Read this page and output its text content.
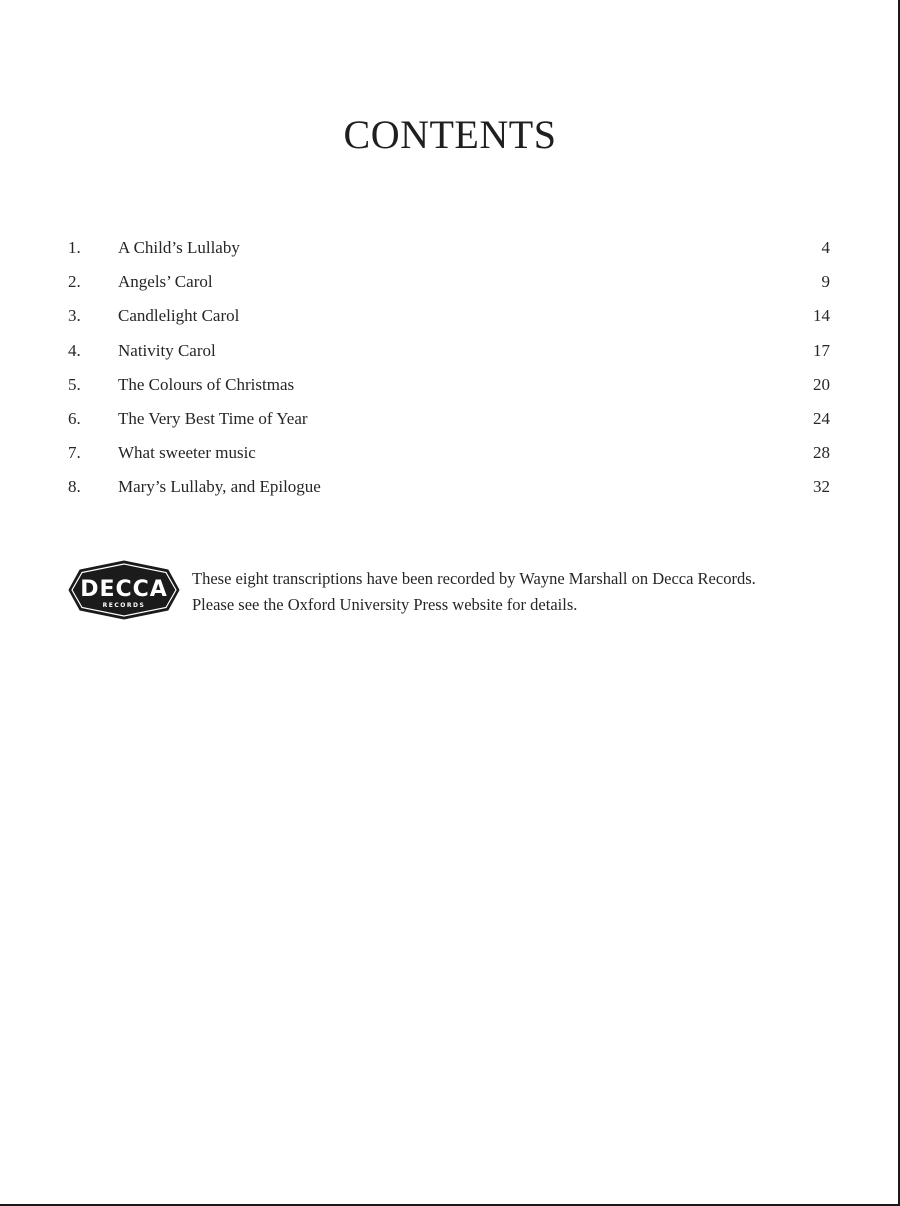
CONTENTS
1. A Child’s Lullaby	4
2. Angels’ Carol	9
3. Candlelight Carol	14
4. Nativity Carol	17
5. The Colours of Christmas	20
6. The Very Best Time of Year	24
7. What sweeter music	28
8. Mary’s Lullaby, and Epilogue	32
DECCA
RECORDS
These eight transcriptions have been recorded by Wayne Marshall on Decca Records.
Please see the Oxford University Press website for details.
